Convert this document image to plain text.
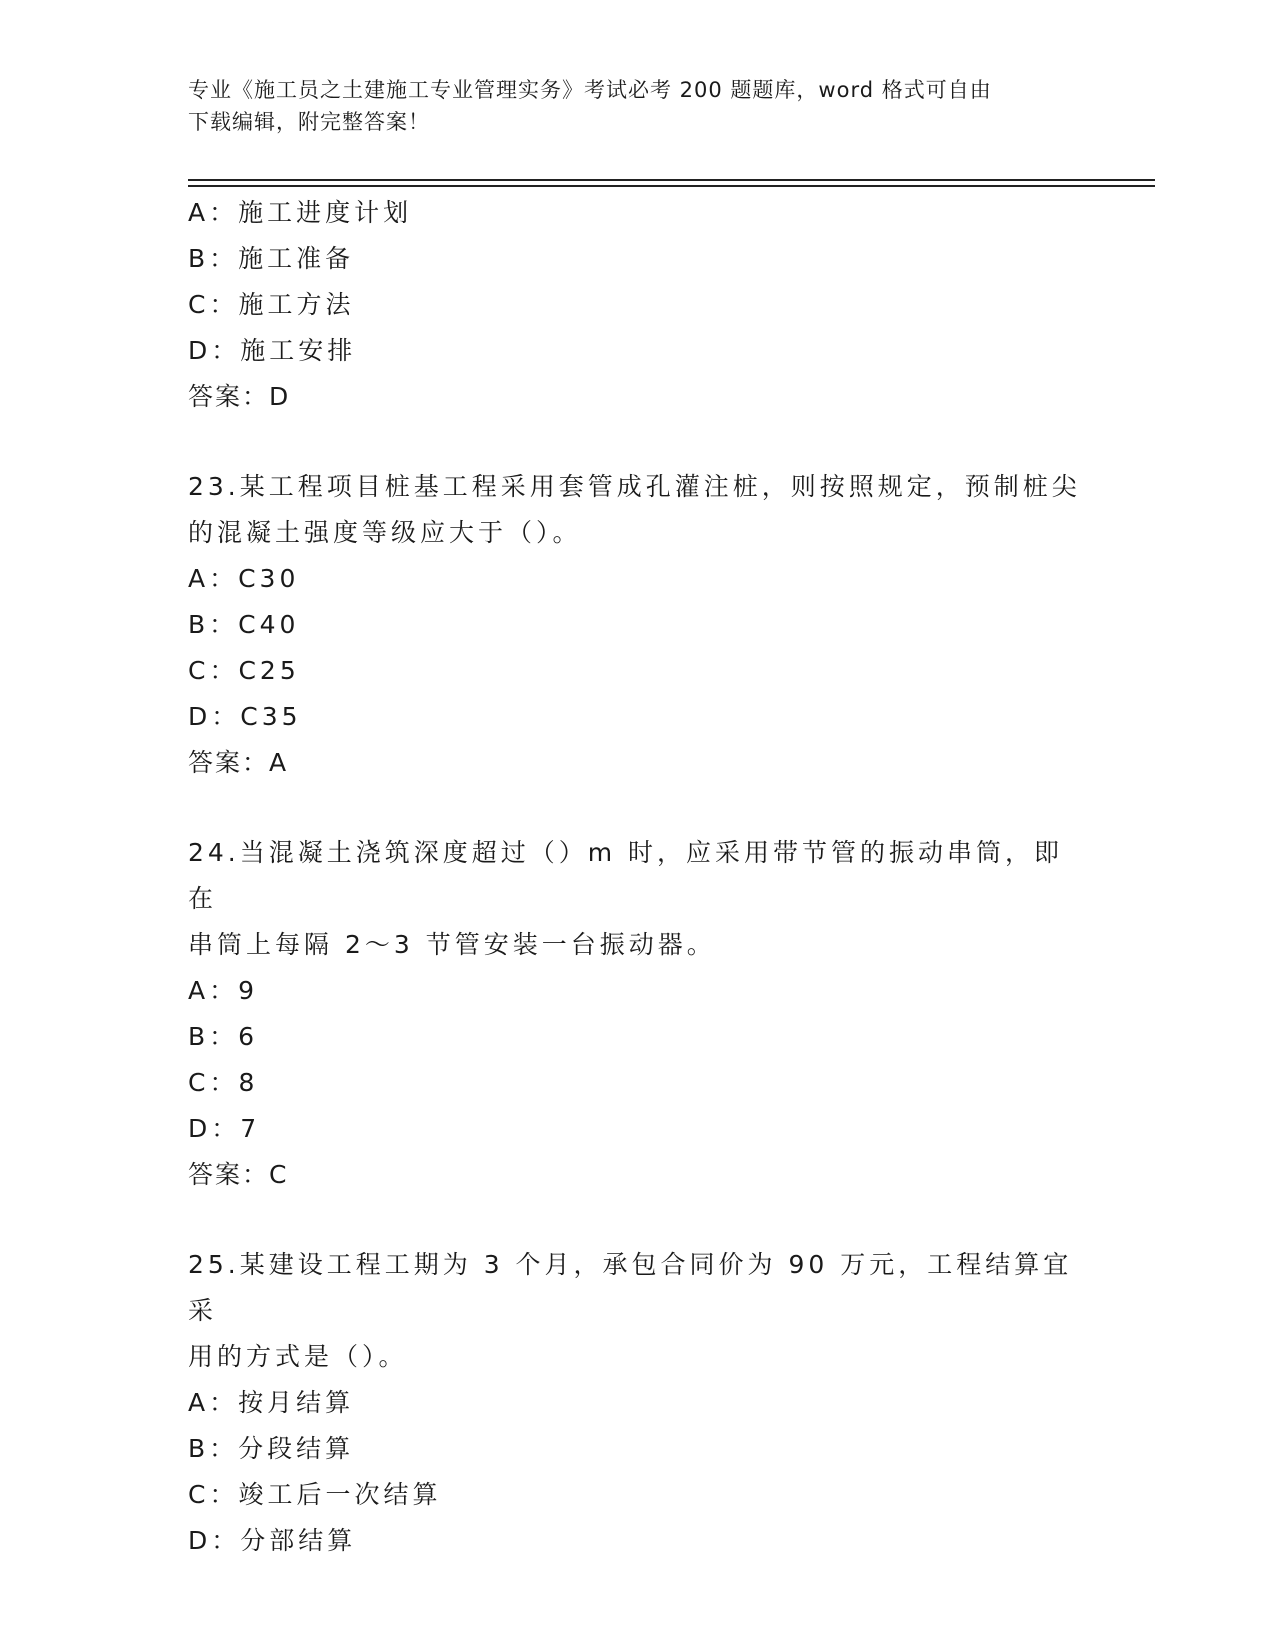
专业《施工员之土建施工专业管理实务》考试必考 200 题题库，word 格式可自由
下载编辑，附完整答案！
A：施工进度计划
B：施工准备
C：施工方法
D：施工安排
答案：D
23.某工程项目桩基工程采用套管成孔灌注桩，则按照规定，预制桩尖
的混凝土强度等级应大于（）。
A：C30
B：C40
C：C25
D：C35
答案：A
24.当混凝土浇筑深度超过（）m 时，应采用带节管的振动串筒，即在
串筒上每隔 2～3 节管安装一台振动器。
A：9
B：6
C：8
D：7
答案：C
25.某建设工程工期为 3 个月，承包合同价为 90 万元，工程结算宜采
用的方式是（）。
A：按月结算
B：分段结算
C：竣工后一次结算
D：分部结算
